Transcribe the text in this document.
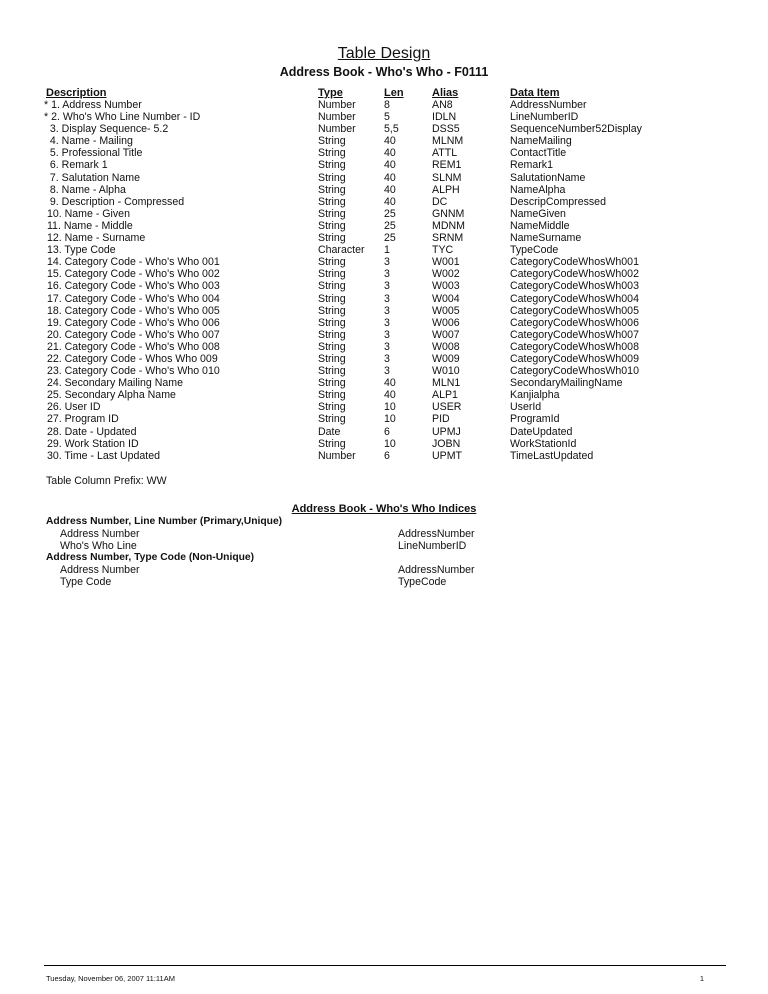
Table Design
Address Book - Who's Who - F0111
Description	Type	Len	Alias	Data Item
* 1. Address Number	Number	8	AN8	AddressNumber
* 2. Who's Who Line Number - ID	Number	5	IDLN	LineNumberID
3. Display Sequence- 5.2	Number	5,5	DSS5	SequenceNumber52Display
4. Name - Mailing	String	40	MLNM	NameMailing
5. Professional Title	String	40	ATTL	ContactTitle
6. Remark 1	String	40	REM1	Remark1
7. Salutation Name	String	40	SLNM	SalutationName
8. Name - Alpha	String	40	ALPH	NameAlpha
9. Description - Compressed	String	40	DC	DescripCompressed
10. Name - Given	String	25	GNNM	NameGiven
11. Name - Middle	String	25	MDNM	NameMiddle
12. Name - Surname	String	25	SRNM	NameSurname
13. Type Code	Character 1	TYC	TypeCode
14. Category Code - Who's Who 001	String	3	W001	CategoryCodeWhosWh001
15. Category Code - Who's Who 002	String	3	W002	CategoryCodeWhosWh002
16. Category Code - Who's Who 003	String	3	W003	CategoryCodeWhosWh003
17. Category Code - Who's Who 004	String	3	W004	CategoryCodeWhosWh004
18. Category Code - Who's Who 005	String	3	W005	CategoryCodeWhosWh005
19. Category Code - Who's Who 006	String	3	W006	CategoryCodeWhosWh006
20. Category Code - Who's Who 007	String	3	W007	CategoryCodeWhosWh007
21. Category Code - Who's Who 008	String	3	W008	CategoryCodeWhosWh008
22. Category Code - Whos Who 009	String	3	W009	CategoryCodeWhosWh009
23. Category Code - Who's Who 010	String	3	W010	CategoryCodeWhosWh010
24. Secondary Mailing Name	String	40	MLN1	SecondaryMailingName
25. Secondary Alpha Name	String	40	ALP1	Kanjialpha
26. User ID	String	10	USER	UserId
27. Program ID	String	10	PID	ProgramId
28. Date - Updated	Date	6	UPMJ	DateUpdated
29. Work Station ID	String	10	JOBN	WorkStationId
30. Time - Last Updated	Number	6	UPMT	TimeLastUpdated
Table Column Prefix: WW
Address Book - Who's Who Indices
Address Number, Line Number (Primary,Unique)
Address Number	AddressNumber
Who's Who Line	LineNumberID
Address Number, Type Code (Non-Unique)
Address Number	AddressNumber
Type Code	TypeCode
Tuesday, November 06, 2007 11:11AM	1
